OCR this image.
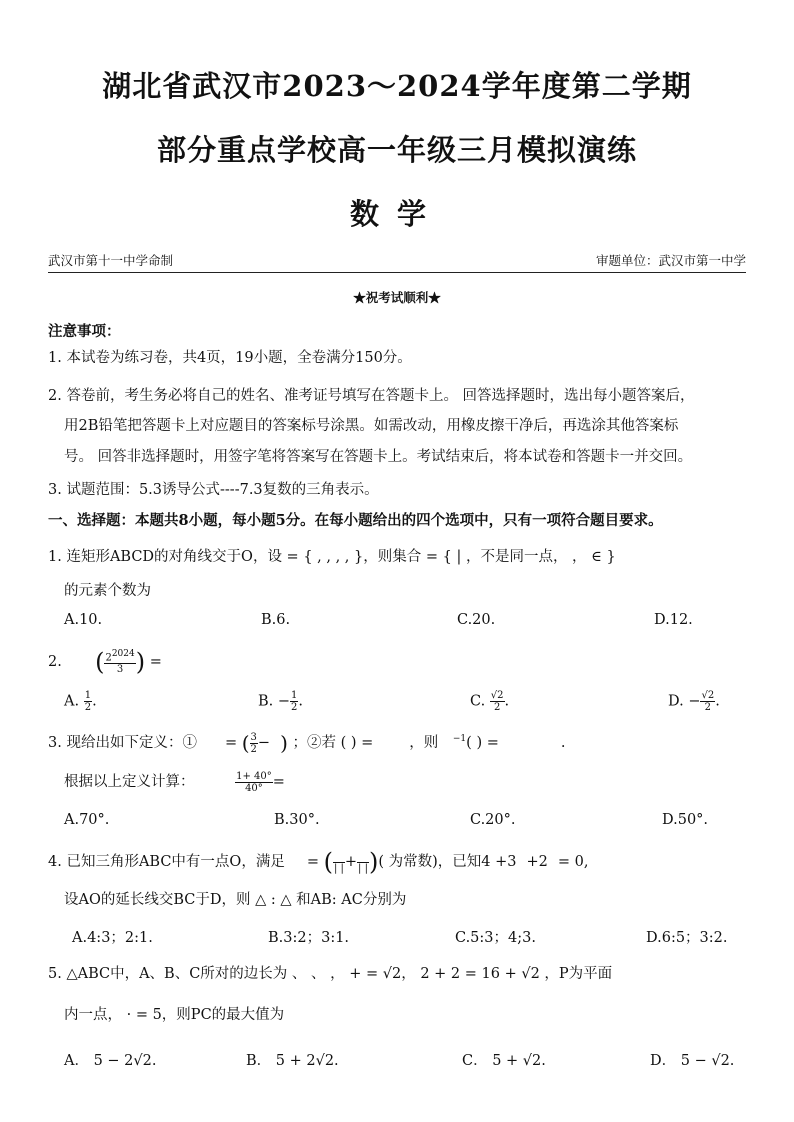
湖北省武汉市2023～2024学年度第二学期
部分重点学校高一年级三月模拟演练
数学
武汉市第十一中学命制	审题单位：武汉市第一中学
★祝考试顺利★
注意事项：
1. 本试卷为练习卷，共4页，19小题，全卷满分150分。
2. 答卷前，考生务必将自己的姓名、准考证号填写在答题卡上。 回答选择题时，选出每小题答案后，
用2B铅笔把答题卡上对应题目的答案标号涂黑。如需改动，用橡皮擦干净后，再选涂其他答案标
号。 回答非选择题时，用签字笔将答案写在答题卡上。考试结束后，将本试卷和答题卡一并交回。
3. 试题范围：5.3诱导公式----7.3复数的三角表示。
一、选择题：本题共8小题，每小题5分。在每小题给出的四个选项中，只有一项符合题目要求。
1. 连矩形ABCD的对角线交于O，设 = { , , , , }，则集合 = { | ，不是同一点， ， ∈ }
的元素个数为
A.10.	B.6.	C.20.	D.12.
2. ( $\frac{22024}{3}$ ) =
A. $\frac{1}{2}$ .	B. − $\frac{1}{2}$ .	C. $\frac{√2}{2}$ .	D. − $\frac{√2}{2}$ .
3. 现给出如下定义：① = ( $\frac{3}{2}$ − ) ；②若 ( ) = ，则 $^{-1}$( ) =	.
根据以上定义计算：	$\frac{1+ 40^\circ}{40^\circ}$ =
A.70°.	B.30°.	C.20°.	D.50°.
4. 已知三角形ABC中有一点O，满足 = (
| | +
| | )( 为常数)，已知4 +3 +2 = 0,
设AO的延长线交BC于D，则 △ : △ 和AB: AC分别为
A.4:3；2:1.	B.3:2；3:1.	C.5:3；4;3.	D.6:5；3:2.
5. △ABC中，A、B、C所对的边长为 、 、 ， + = √2， 2 + 2 = 16 + √2 ，P为平面
内一点， · = 5，则PC的最大值为
A． 5 − 2√2.	B． 5 + 2√2.	C． 5 + √2.	D． 5 − √2.
